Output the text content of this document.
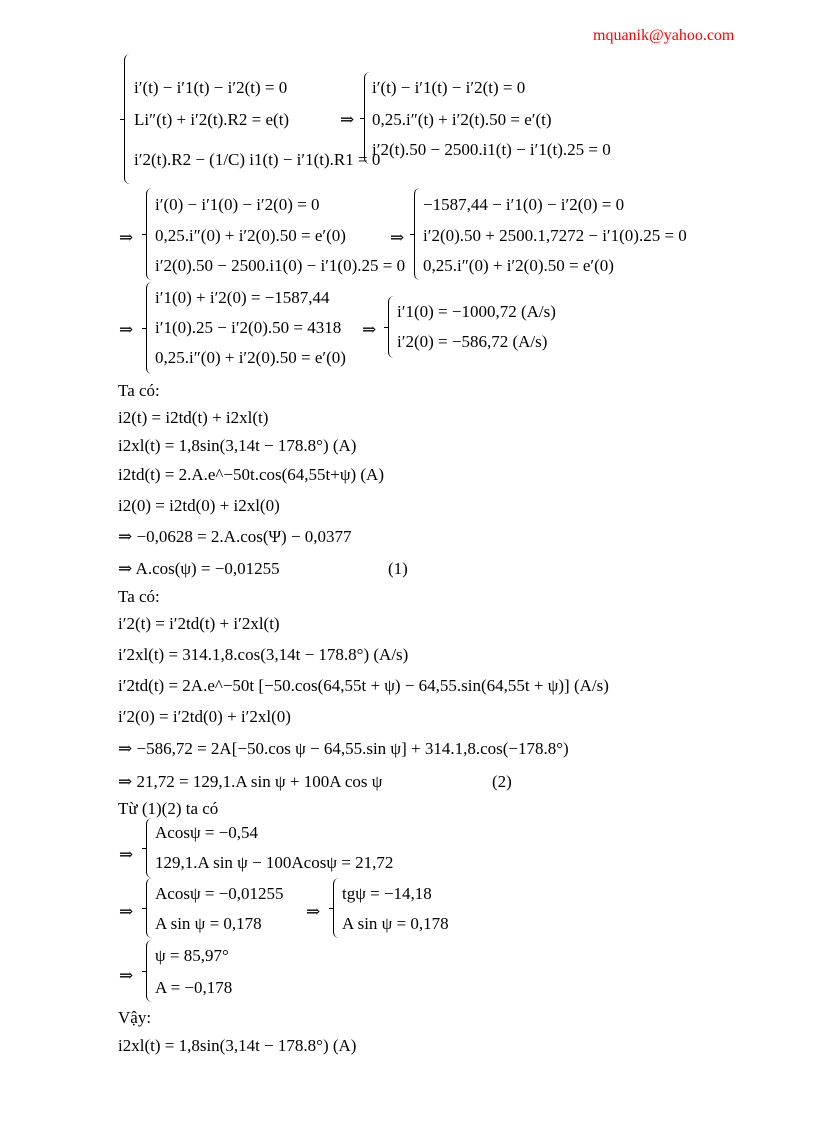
mquanik@yahoo.com
i′(t) − i′1(t) − i′2(t) = 0
Li″(t) + i′2(t).R2 = e(t)
i′2(t).R2 − (1/C) i1(t) − i′1(t).R1 = 0
⇒
i′(t) − i′1(t) − i′2(t) = 0
0,25.i″(t) + i′2(t).50 = e′(t)
i′2(t).50 − 2500.i1(t) − i′1(t).25 = 0
⇒
i′(0) − i′1(0) − i′2(0) = 0
0,25.i″(0) + i′2(0).50 = e′(0)
i′2(0).50 − 2500.i1(0) − i′1(0).25 = 0
⇒
−1587,44 − i′1(0) − i′2(0) = 0
i′2(0).50 + 2500.1,7272 − i′1(0).25 = 0
0,25.i″(0) + i′2(0).50 = e′(0)
⇒
i′1(0) + i′2(0) = −1587,44
i′1(0).25 − i′2(0).50 = 4318
0,25.i″(0) + i′2(0).50 = e′(0)
⇒
i′1(0) = −1000,72 (A/s)
i′2(0) = −586,72 (A/s)
Ta có:
i2(t) = i2td(t) + i2xl(t)
i2xl(t) = 1,8sin(3,14t − 178.8°) (A)
i2td(t) = 2.A.e^−50t.cos(64,55t+ψ) (A)
i2(0) = i2td(0) + i2xl(0)
⇒ −0,0628 = 2.A.cos(Ψ) − 0,0377
⇒ A.cos(ψ) = −0,01255	(1)
Ta có:
i′2(t) = i′2td(t) + i′2xl(t)
i′2xl(t) = 314.1,8.cos(3,14t − 178.8°) (A/s)
i′2td(t) = 2A.e^−50t [−50.cos(64,55t + ψ) − 64,55.sin(64,55t + ψ)] (A/s)
i′2(0) = i′2td(0) + i′2xl(0)
⇒ −586,72 = 2A[−50.cos ψ − 64,55.sin ψ] + 314.1,8.cos(−178.8°)
⇒ 21,72 = 129,1.A sin ψ + 100A cos ψ	(2)
Từ (1)(2) ta có
⇒
Acosψ = −0,54
129,1.A sin ψ − 100Acosψ = 21,72
⇒
Acosψ = −0,01255
A sin ψ = 0,178
⇒
tgψ = −14,18
A sin ψ = 0,178
⇒
ψ = 85,97°
A = −0,178
Vậy:
i2xl(t) = 1,8sin(3,14t − 178.8°) (A)
